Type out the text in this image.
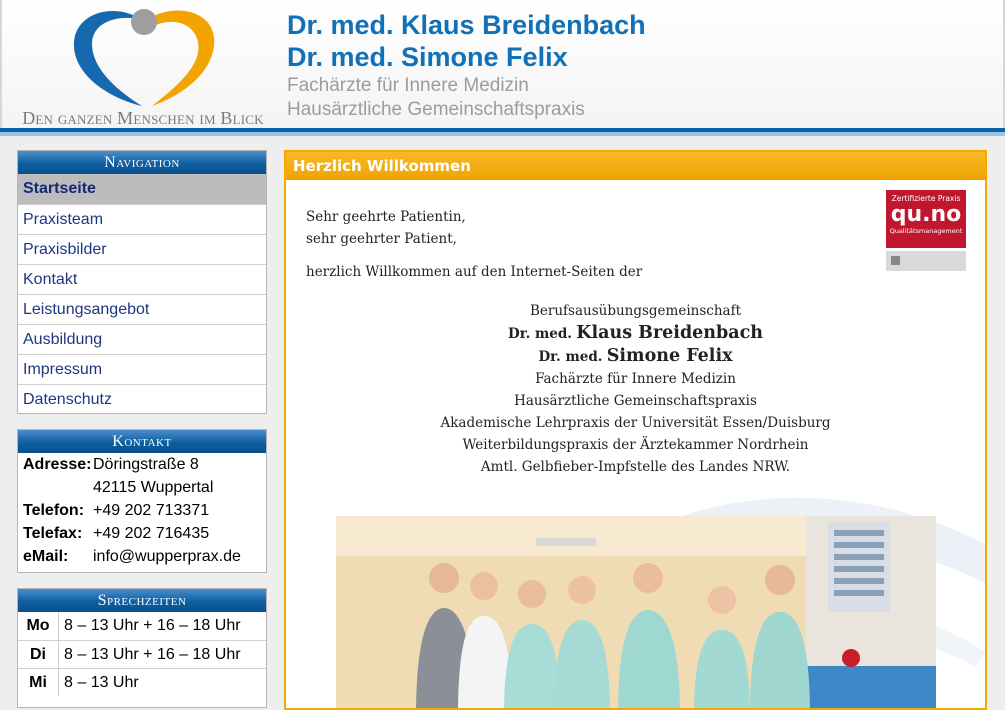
Den ganzen Menschen im Blick
Dr. med. Klaus Breidenbach
Dr. med. Simone Felix
Fachärzte für Innere Medizin
Hausärztliche Gemeinschaftspraxis
Navigation
Startseite
Praxisteam
Praxisbilder
Kontakt
Leistungsangebot
Ausbildung
Impressum
Datenschutz
Kontakt
Adresse: Döringstraße 8
42115 Wuppertal
Telefon: +49 202 713371
Telefax: +49 202 716435
eMail: info@wupperprax.de
Sprechzeiten
Mo 8 – 13 Uhr + 16 – 18 Uhr
Di	8 – 13 Uhr + 16 – 18 Uhr
Mi	8 – 13 Uhr
Herzlich Willkommen
Sehr geehrte Patientin,
sehr geehrter Patient,
herzlich Willkommen auf den Internet-Seiten der
Berufsausübungsgemeinschaft
Dr. med. Klaus Breidenbach
Dr. med. Simone Felix
Fachärzte für Innere Medizin
Hausärztliche Gemeinschaftspraxis
Akademische Lehrpraxis der Universität Essen/Duisburg
Weiterbildungspraxis der Ärztekammer Nordrhein
Amtl. Gelbfieber-Impfstelle des Landes NRW.
Zertifizierte Praxis
qu.no
Qualitätsmanagement
